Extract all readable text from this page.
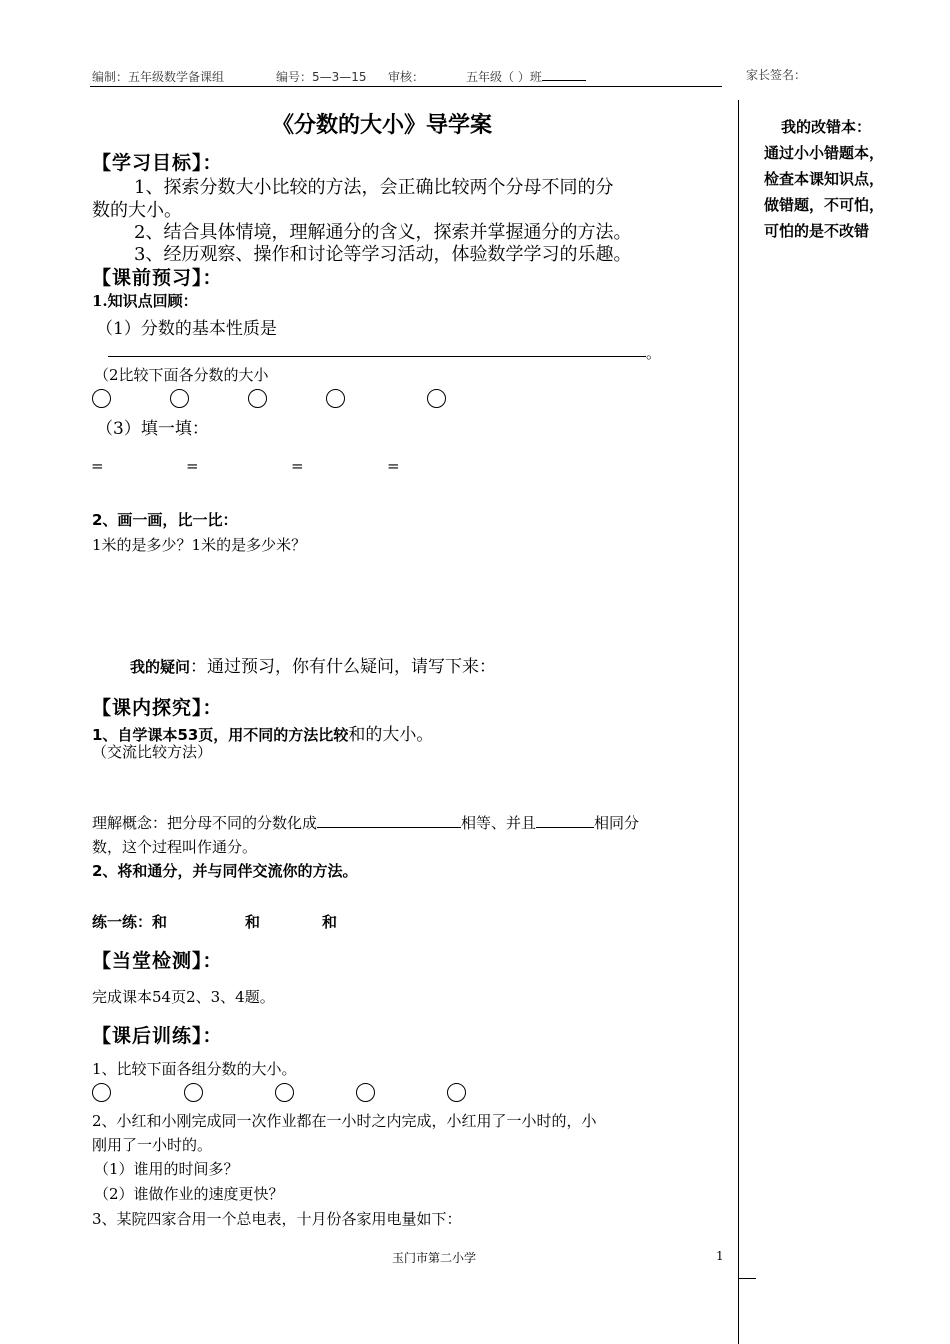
编制：五年级数学备课组	编号：5—3—15 审核：	五年级（ ）班	家长签名：
《分数的大小》导学案
【学习目标】：
1、探索分数大小比较的方法，会正确比较两个分母不同的分
数的大小。
2、结合具体情境，理解通分的含义，探索并掌握通分的方法。
3、经历观察、操作和讨论等学习活动，体验数学学习的乐趣。
【课前预习】：
1.知识点回顾：
（1）分数的基本性质是
。
（2比较下面各分数的大小
（3）填一填：
=	=	=	=
2、画一画，比一比：
1米的是多少？1米的是多少米？
我的疑问：通过预习，你有什么疑问，请写下来：
【课内探究】：
1、自学课本53页，用不同的方法比较和的大小。
（交流比较方法）
理解概念：把分母不同的分数化成	相等、并且	相同分
数，这个过程叫作通分。
2、将和通分，并与同伴交流你的方法。
练一练：和	和	和
【当堂检测】：
完成课本54页2、3、4题。
【课后训练】：
1、比较下面各组分数的大小。
2、小红和小刚完成同一次作业都在一小时之内完成，小红用了一小时的，小
刚用了一小时的。
（1）谁用的时间多？
（2）谁做作业的速度更快？
3、某院四家合用一个总电表，十月份各家用电量如下：
玉门市第二小学	1
我的改错本：
通过小小错题本，
检查本课知识点，
做错题，不可怕，
可怕的是不改错
